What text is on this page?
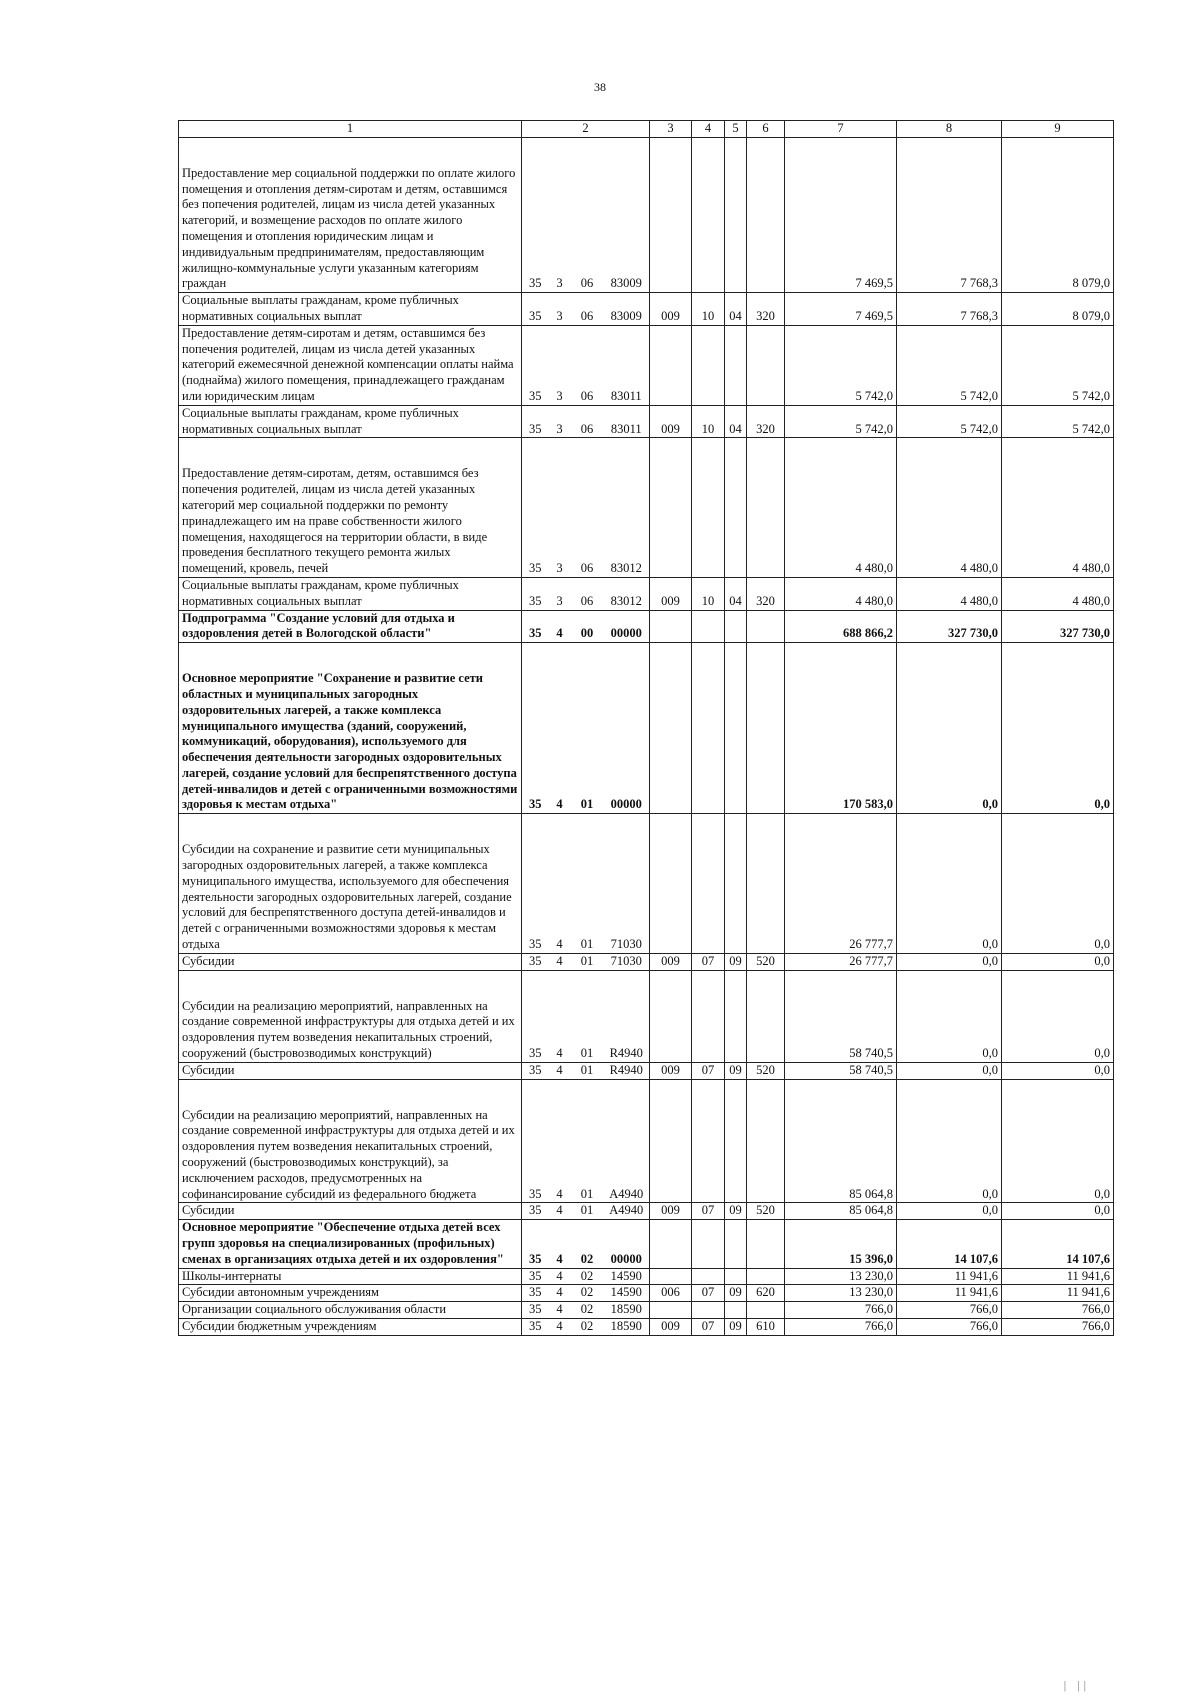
38
1	2				3	4	5	6	7	8	9
Предоставление мер социальной поддержки по оплате жилого помещения и отопления детям-сиротам и детям, оставшимся без попечения родителей, лицам из числа детей указанных категорий, и возмещение расходов по оплате жилого помещения и отопления юридическим лицам и индивидуальным предпринимателям, предоставляющим жилищно-коммунальные услуги указанным категориям граждан	35	3	06	83009					7 469,5	7 768,3	8 079,0
Социальные выплаты гражданам, кроме публичных нормативных социальных выплат	35	3	06	83009	009	10	04	320	7 469,5	7 768,3	8 079,0
Предоставление детям-сиротам и детям, оставшимся без попечения родителей, лицам из числа детей указанных категорий ежемесячной денежной компенсации оплаты найма (поднайма) жилого помещения, принадлежащего гражданам или юридическим лицам	35	3	06	83011					5 742,0	5 742,0	5 742,0
Социальные выплаты гражданам, кроме публичных нормативных социальных выплат	35	3	06	83011	009	10	04	320	5 742,0	5 742,0	5 742,0
Предоставление детям-сиротам, детям, оставшимся без попечения родителей, лицам из числа детей указанных категорий мер социальной поддержки по ремонту принадлежащего им на праве собственности жилого помещения, находящегося на территории области, в виде проведения бесплатного текущего ремонта жилых помещений, кровель, печей	35	3	06	83012					4 480,0	4 480,0	4 480,0
Социальные выплаты гражданам, кроме публичных нормативных социальных выплат	35	3	06	83012	009	10	04	320	4 480,0	4 480,0	4 480,0
Подпрограмма "Создание условий для отдыха и оздоровления детей в Вологодской области"	35	4	00	00000					688 866,2	327 730,0	327 730,0
Основное мероприятие "Сохранение и развитие сети областных и муниципальных загородных оздоровительных лагерей, а также комплекса муниципального имущества (зданий, сооружений, коммуникаций, оборудования), используемого для обеспечения деятельности загородных оздоровительных лагерей, создание условий для беспрепятственного доступа детей-инвалидов и детей с ограниченными возможностями здоровья к местам отдыха"	35	4	01	00000					170 583,0	0,0	0,0
Субсидии на сохранение и развитие сети муниципальных загородных оздоровительных лагерей, а также комплекса муниципального имущества, используемого для обеспечения деятельности загородных оздоровительных лагерей, создание условий для беспрепятственного доступа детей-инвалидов и детей с ограниченными возможностями здоровья к местам отдыха	35	4	01	71030					26 777,7	0,0	0,0
Субсидии	35	4	01	71030	009	07	09	520	26 777,7	0,0	0,0
Субсидии на реализацию мероприятий, направленных на создание современной инфраструктуры для отдыха детей и их оздоровления путем возведения некапитальных строений, сооружений (быстровозводимых конструкций)	35	4	01	R4940					58 740,5	0,0	0,0
Субсидии	35	4	01	R4940	009	07	09	520	58 740,5	0,0	0,0
Субсидии на реализацию мероприятий, направленных на создание современной инфраструктуры для отдыха детей и их оздоровления путем возведения некапитальных строений, сооружений (быстровозводимых конструкций), за исключением расходов, предусмотренных на софинансирование субсидий из федерального бюджета	35	4	01	A4940					85 064,8	0,0	0,0
Субсидии	35	4	01	A4940	009	07	09	520	85 064,8	0,0	0,0
Основное мероприятие "Обеспечение отдыха детей всех групп здоровья на специализированных (профильных) сменах в организациях отдыха детей и их оздоровления"	35	4	02	00000					15 396,0	14 107,6	14 107,6
Школы-интернаты	35	4	02	14590					13 230,0	11 941,6	11 941,6
Субсидии автономным учреждениям	35	4	02	14590	006	07	09	620	13 230,0	11 941,6	11 941,6
Организации социального обслуживания области	35	4	02	18590					766,0	766,0	766,0
Субсидии бюджетным учреждениям	35	4	02	18590	009	07	09	610	766,0	766,0	766,0
| ||
